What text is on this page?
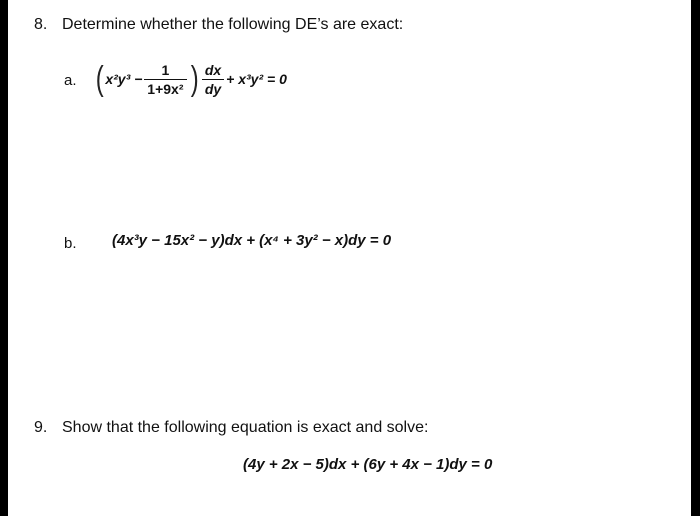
8. Determine whether the following DE’s are exact:
a. ( $x^2y^3 - \frac{1}{\text{1+9x²}}$ ) $\frac{dx}{dy} + x^3y^2 = 0$
b. (4x³y − 15x² − y)dx + (x⁴ + 3y² − x)dy = 0
9. Show that the following equation is exact and solve:
(4y + 2x − 5)dx + (6y + 4x − 1)dy = 0
